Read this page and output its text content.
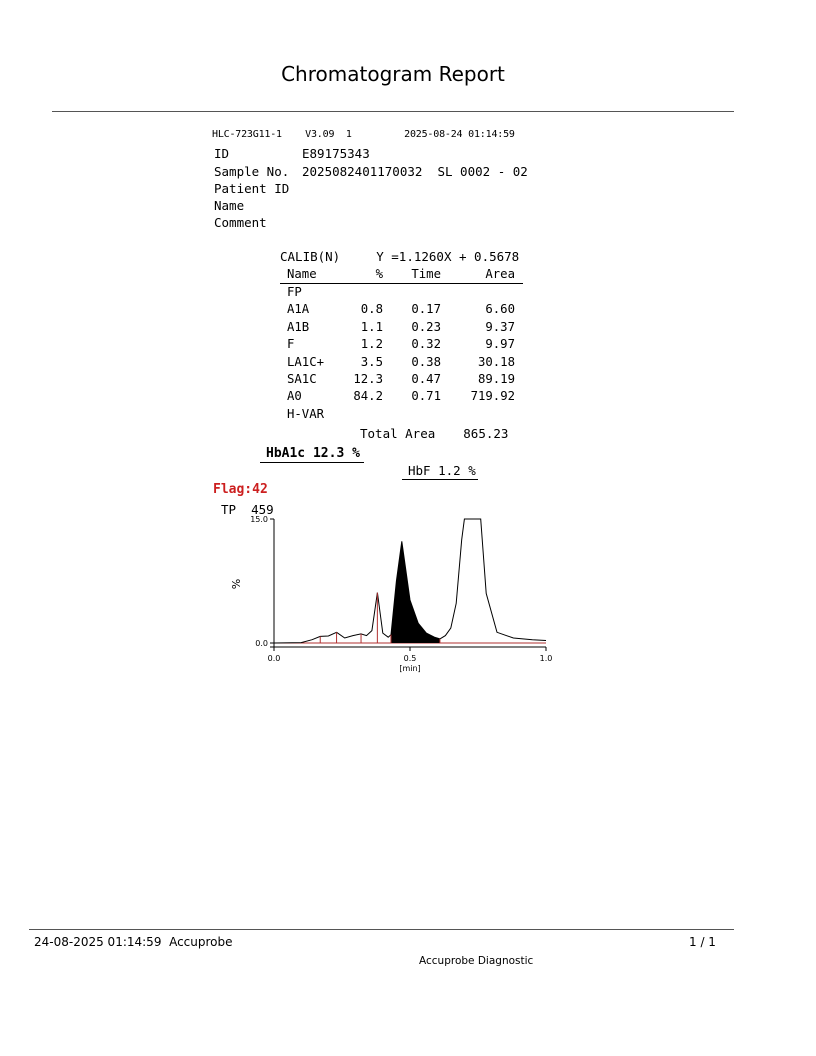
Chromatogram Report
HLC-723G11-1 V3.09 1	2025-08-24 01:14:59
ID	E89175343
Sample No. 2025082401170032 SL 0002 - 02
Patient ID
Name
Comment
CALIB(N)	Y =1.1260X + 0.5678
Name	%	Time	Area
FP			
A1A	0.8	0.17	6.60
A1B	1.1	0.23	9.37
F	1.2	0.32	9.97
LA1C+	3.5	0.38	30.18
SA1C	12.3	0.47	89.19
A0	84.2	0.71	719.92
H-VAR			
Total Area 865.23
HbA1c 12.3 %
HbF 1.2 %
Flag:42
TP 459
0.0	0.5	1.0
15.0
0.0
[min]
%
24-08-2025 01:14:59  Accuprobe	1 / 1
Accuprobe Diagnostic
